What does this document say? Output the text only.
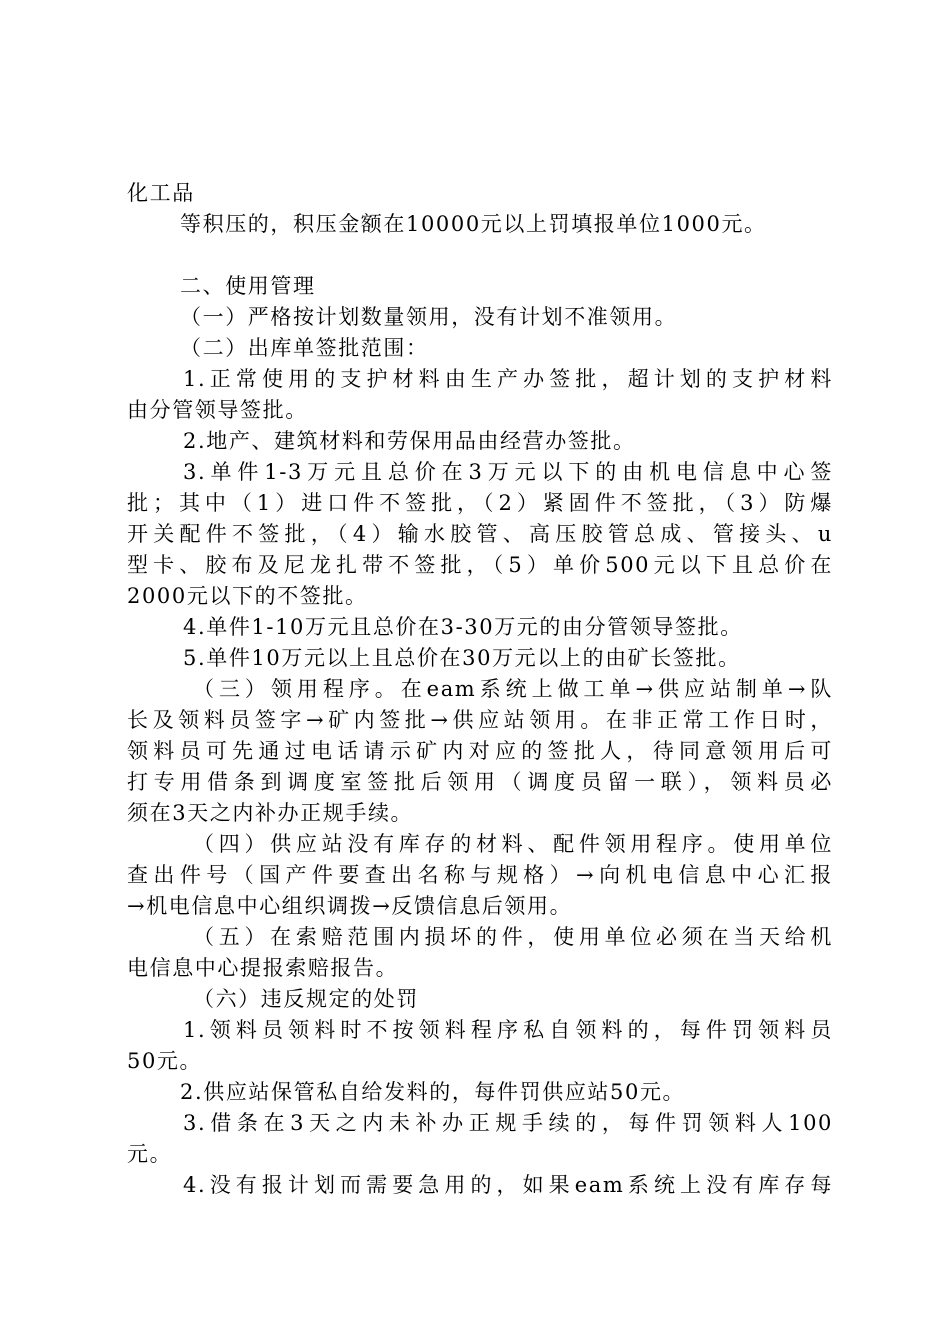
化工品
等积压的，积压金额在10000元以上罚填报单位1000元。
二、使用管理
（一）严格按计划数量领用，没有计划不准领用。
（二）出库单签批范围：
1.正常使用的支护材料由生产办签批，超计划的支护材料
由分管领导签批。
2.地产、建筑材料和劳保用品由经营办签批。
3.单件1-3万元且总价在3万元以下的由机电信息中心签
批；其中（1）进口件不签批，（2）紧固件不签批，（3）防爆
开关配件不签批，（4）输水胶管、高压胶管总成、管接头、u
型卡、胶布及尼龙扎带不签批，（5）单价500元以下且总价在
2000元以下的不签批。
4.单件1-10万元且总价在3-30万元的由分管领导签批。
5.单件10万元以上且总价在30万元以上的由矿长签批。
（三）领用程序。在eam系统上做工单→供应站制单→队
长及领料员签字→矿内签批→供应站领用。在非正常工作日时，
领料员可先通过电话请示矿内对应的签批人，待同意领用后可
打专用借条到调度室签批后领用（调度员留一联），领料员必
须在3天之内补办正规手续。
（四）供应站没有库存的材料、配件领用程序。使用单位
查出件号（国产件要查出名称与规格）→向机电信息中心汇报
→机电信息中心组织调拨→反馈信息后领用。
（五）在索赔范围内损坏的件，使用单位必须在当天给机
电信息中心提报索赔报告。
（六）违反规定的处罚
1.领料员领料时不按领料程序私自领料的，每件罚领料员
50元。
2.供应站保管私自给发料的，每件罚供应站50元。
3.借条在3天之内未补办正规手续的，每件罚领料人100
元。
4.没有报计划而需要急用的，如果eam系统上没有库存每
